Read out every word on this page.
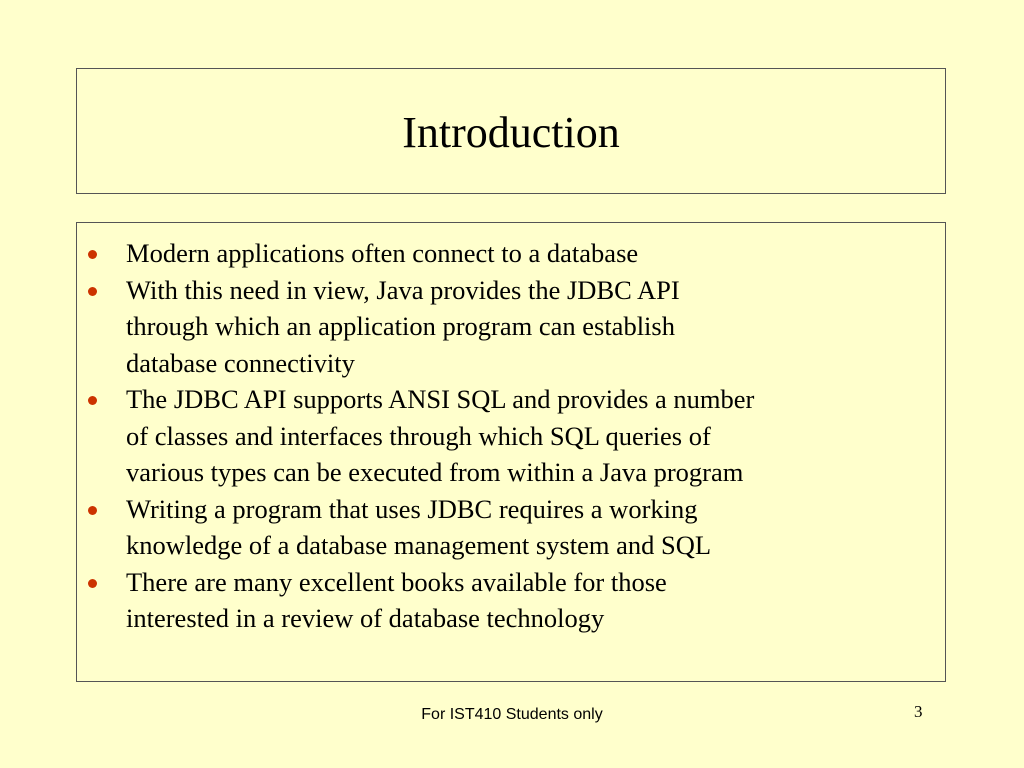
Introduction
Modern applications often connect to a database
With this need in view, Java provides the JDBC API
through which an application program can establish
database connectivity
The JDBC API supports ANSI SQL and provides a number
of classes and interfaces through which SQL queries of
various types can be executed from within a Java program
Writing a program that uses JDBC requires a working
knowledge of a database management system and SQL
There are many excellent books available for those
interested in a review of database technology
For IST410 Students only	3
